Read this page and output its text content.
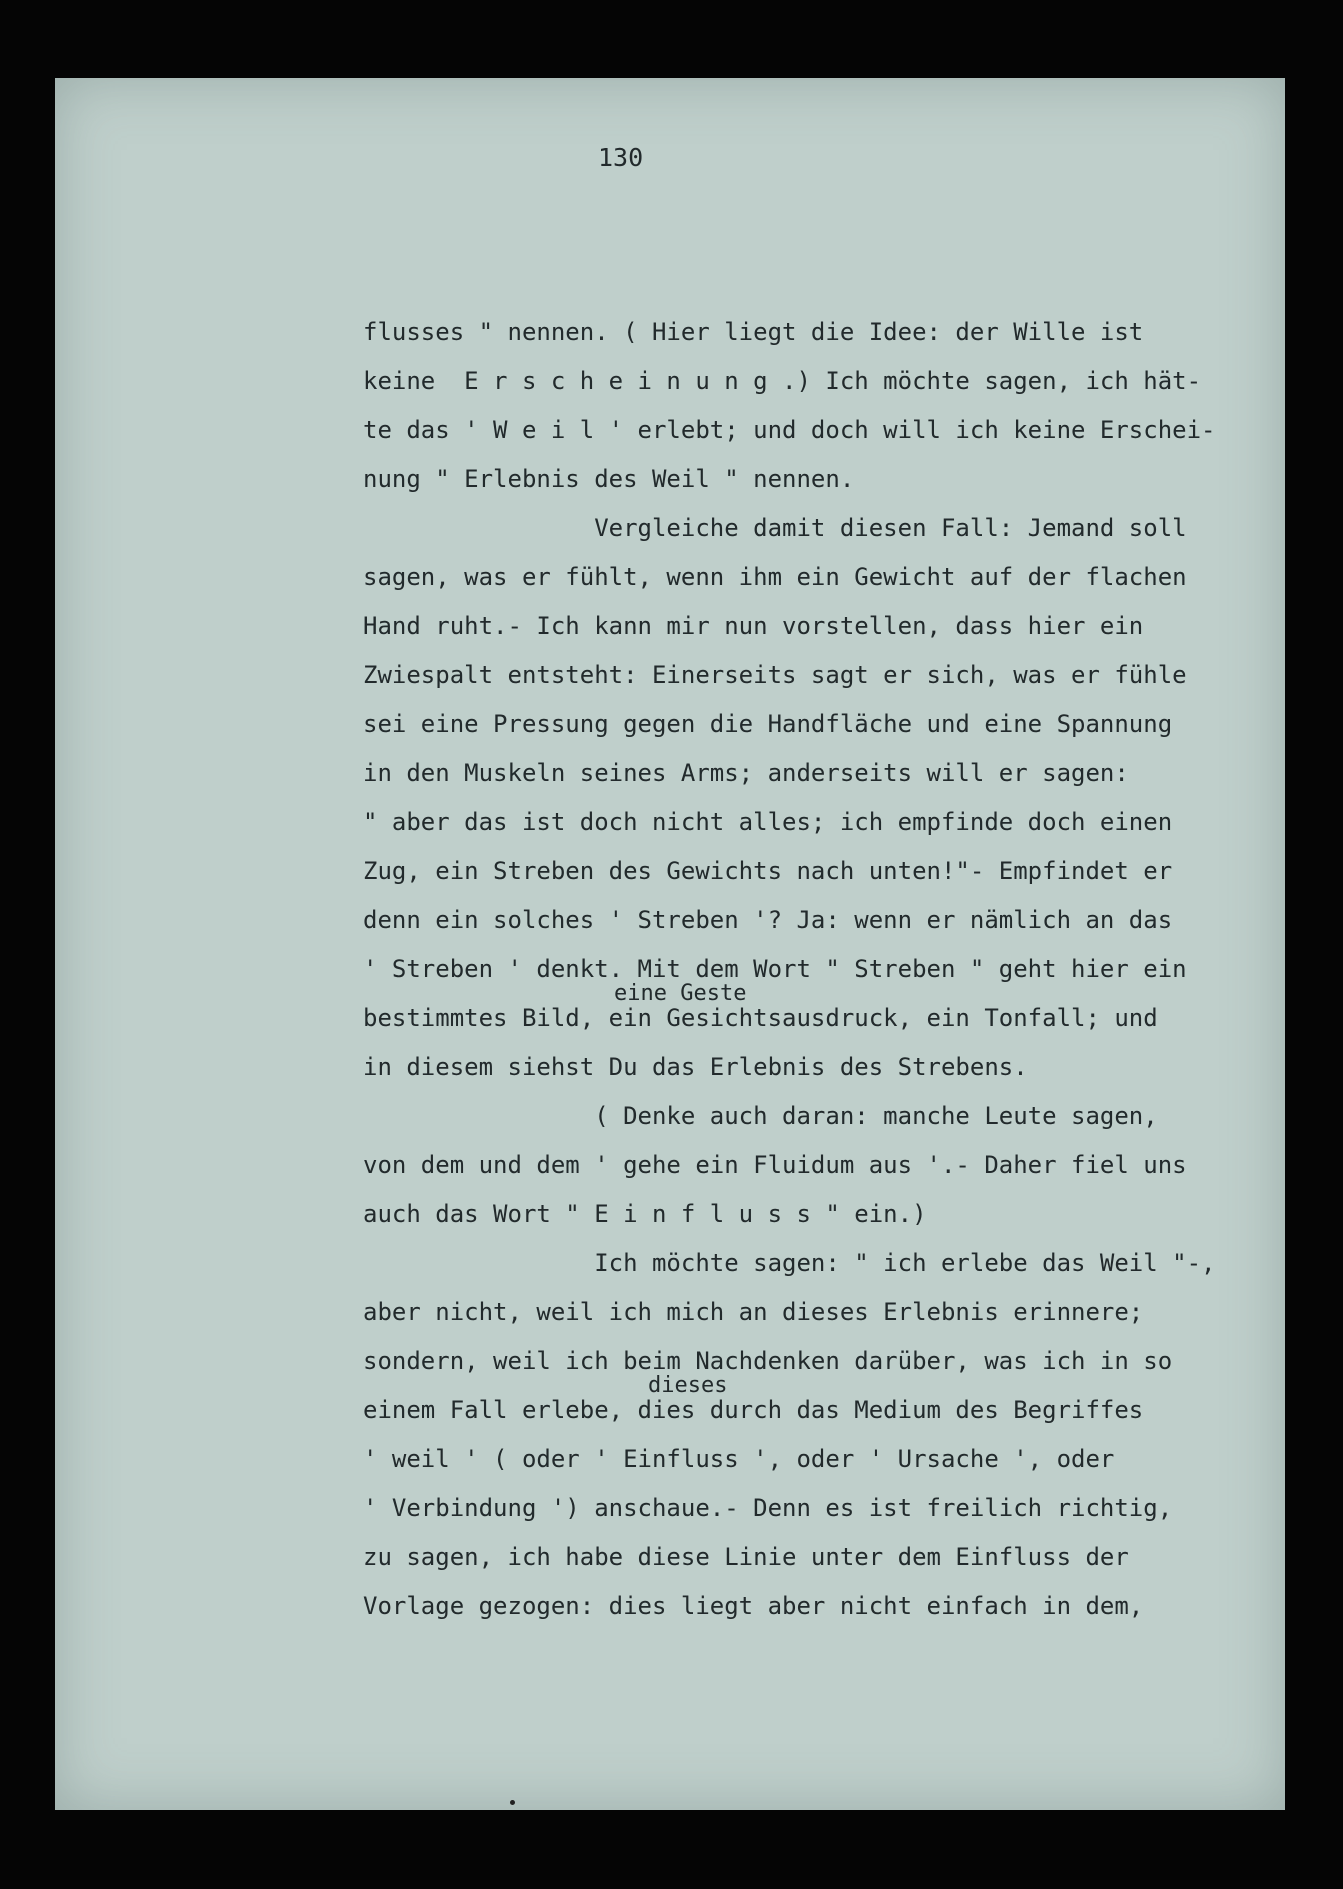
130
flusses " nennen. ( Hier liegt die Idee: der Wille ist
keine  E r s c h e i n u n g .) Ich möchte sagen, ich hät-
te das ' W e i l ' erlebt; und doch will ich keine Erschei-
nung " Erlebnis des Weil " nennen.
Vergleiche damit diesen Fall: Jemand soll
sagen, was er fühlt, wenn ihm ein Gewicht auf der flachen
Hand ruht.- Ich kann mir nun vorstellen, dass hier ein
Zwiespalt entsteht: Einerseits sagt er sich, was er fühle
sei eine Pressung gegen die Handfläche und eine Spannung
in den Muskeln seines Arms; anderseits will er sagen:
" aber das ist doch nicht alles; ich empfinde doch einen
Zug, ein Streben des Gewichts nach unten!"- Empfindet er
denn ein solches ' Streben '? Ja: wenn er nämlich an das
' Streben ' denkt. Mit dem Wort " Streben " geht hier ein
eine Geste
bestimmtes Bild, ein Gesichtsausdruck, ein Tonfall; und
in diesem siehst Du das Erlebnis des Strebens.
( Denke auch daran: manche Leute sagen,
von dem und dem ' gehe ein Fluidum aus '.- Daher fiel uns
auch das Wort " E i n f l u s s " ein.)
Ich möchte sagen: " ich erlebe das Weil "-,
aber nicht, weil ich mich an dieses Erlebnis erinnere;
sondern, weil ich beim Nachdenken darüber, was ich in so
dieses
einem Fall erlebe, dies durch das Medium des Begriffes
' weil ' ( oder ' Einfluss ', oder ' Ursache ', oder
' Verbindung ') anschaue.- Denn es ist freilich richtig,
zu sagen, ich habe diese Linie unter dem Einfluss der
Vorlage gezogen: dies liegt aber nicht einfach in dem,
